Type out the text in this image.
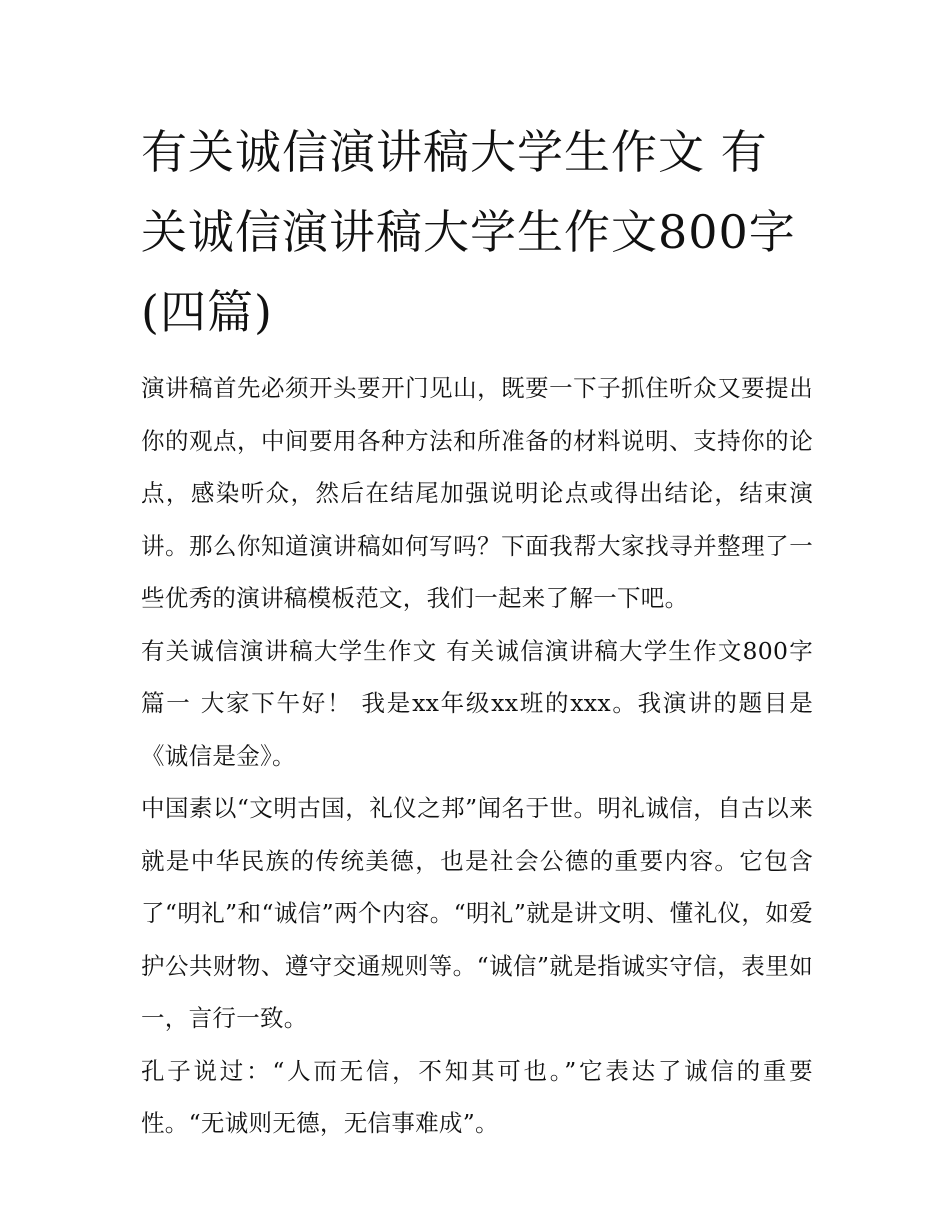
有关诚信演讲稿大学生作文 有关诚信演讲稿大学生作文800字(四篇)

演讲稿首先必须开头要开门见山，既要一下子抓住听众又要提出你的观点，中间要用各种方法和所准备的材料说明、支持你的论点，感染听众，然后在结尾加强说明论点或得出结论，结束演讲。那么你知道演讲稿如何写吗？下面我帮大家找寻并整理了一些优秀的演讲稿模板范文，我们一起来了解一下吧。

有关诚信演讲稿大学生作文 有关诚信演讲稿大学生作文800字篇一 大家下午好！ 我是xx年级xx班的xxx。我演讲的题目是《诚信是金》。

中国素以“文明古国，礼仪之邦”闻名于世。明礼诚信，自古以来就是中华民族的传统美德，也是社会公德的重要内容。它包含了“明礼”和“诚信”两个内容。“明礼”就是讲文明、懂礼仪，如爱护公共财物、遵守交通规则等。“诚信”就是指诚实守信，表里如一，言行一致。

孔子说过：“人而无信，不知其可也。”它表达了诚信的重要性。“无诚则无德，无信事难成”。
